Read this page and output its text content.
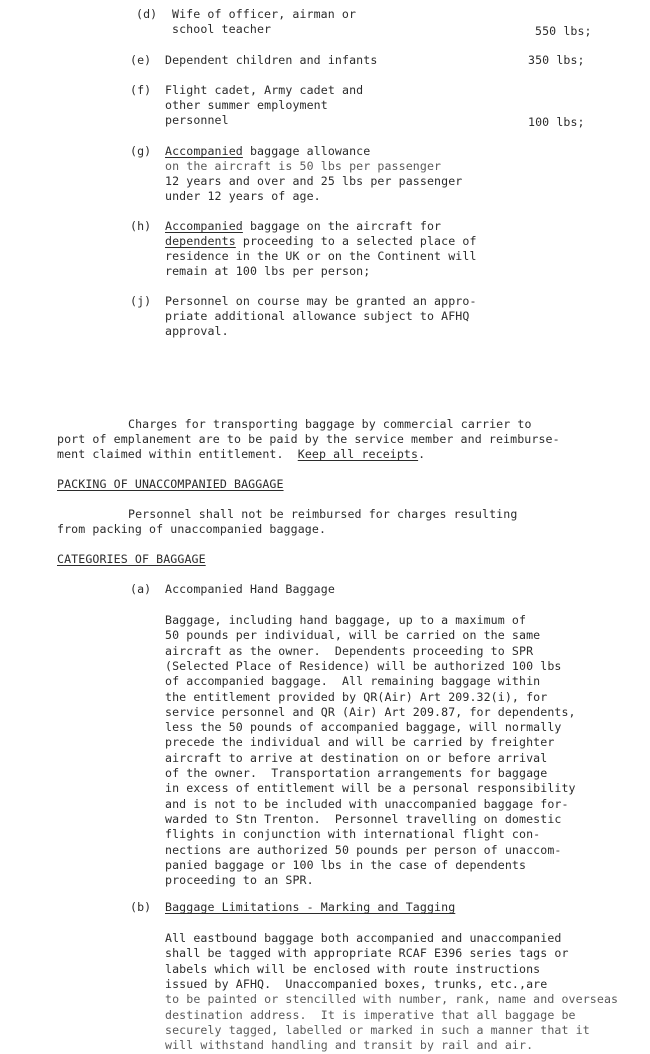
(d) Wife of officer, airman or
school teacher	550 lbs;
(e) Dependent children and infants	350 lbs;
(f) Flight cadet, Army cadet and
other summer employment
personnel	100 lbs;
(g) Accompanied baggage allowance
on the aircraft is 50 lbs per passenger
12 years and over and 25 lbs per passenger
under 12 years of age.
(h) Accompanied baggage on the aircraft for
dependents proceeding to a selected place of
residence in the UK or on the Continent will
remain at 100 lbs per person;
(j) Personnel on course may be granted an appro-
priate additional allowance subject to AFHQ
approval.
Charges for transporting baggage by commercial carrier to
port of emplanement are to be paid by the service member and reimburse-
ment claimed within entitlement.  Keep all receipts.
PACKING OF UNACCOMPANIED BAGGAGE
Personnel shall not be reimbursed for charges resulting
from packing of unaccompanied baggage.
CATEGORIES OF BAGGAGE
(a) Accompanied Hand Baggage
Baggage, including hand baggage, up to a maximum of
50 pounds per individual, will be carried on the same
aircraft as the owner.  Dependents proceeding to SPR
(Selected Place of Residence) will be authorized 100 lbs
of accompanied baggage.  All remaining baggage within
the entitlement provided by QR(Air) Art 209.32(i), for
service personnel and QR (Air) Art 209.87, for dependents,
less the 50 pounds of accompanied baggage, will normally
precede the individual and will be carried by freighter
aircraft to arrive at destination on or before arrival
of the owner.  Transportation arrangements for baggage
in excess of entitlement will be a personal responsibility
and is not to be included with unaccompanied baggage for-
warded to Stn Trenton.  Personnel travelling on domestic
flights in conjunction with international flight con-
nections are authorized 50 pounds per person of unaccom-
panied baggage or 100 lbs in the case of dependents
proceeding to an SPR.
(b) Baggage Limitations - Marking and Tagging
All eastbound baggage both accompanied and unaccompanied
shall be tagged with appropriate RCAF E396 series tags or
labels which will be enclosed with route instructions
issued by AFHQ.  Unaccompanied boxes, trunks, etc.,are
to be painted or stencilled with number, rank, name and overseas
destination address.  It is imperative that all baggage be
securely tagged, labelled or marked in such a manner that it
will withstand handling and transit by rail and air.
